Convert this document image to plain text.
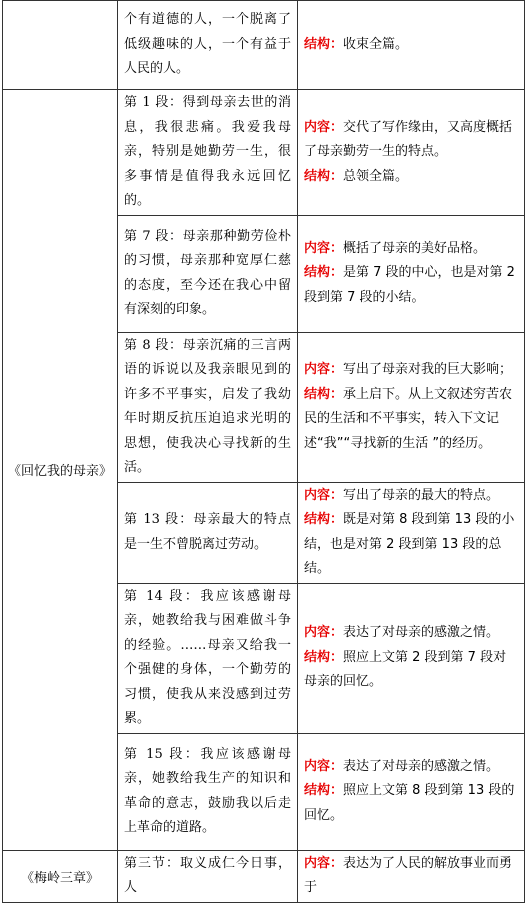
	个有道德的人，一个脱离了低级趣味的人，一个有益于人民的人。	结构：收束全篇。

《回忆我的母亲》	第 1 段：得到母亲去世的消息，我很悲痛。我爱我母亲，特别是她勤劳一生，很多事情是值得我永远回忆的。	内容：交代了写作缘由，又高度概括了母亲勤劳一生的特点。
结构：总领全篇。

	第 7 段：母亲那种勤劳俭朴的习惯，母亲那种宽厚仁慈的态度，至今还在我心中留有深刻的印象。	内容：概括了母亲的美好品格。
结构：是第 7 段的中心，也是对第 2 段到第 7 段的小结。

	第 8 段：母亲沉痛的三言两语的诉说以及我亲眼见到的许多不平事实，启发了我幼年时期反抗压迫追求光明的思想，使我决心寻找新的生活。	内容：写出了母亲对我的巨大影响；
结构：承上启下。从上文叙述穷苦农民的生活和不平事实，转入下文记述“我”“寻找新的生活 ”的经历。

	第 13 段：母亲最大的特点是一生不曾脱离过劳动。	内容：写出了母亲的最大的特点。
结构：既是对第 8 段到第 13 段的小结，也是对第 2 段到第 13 段的总结。

	第 14 段：我应该感谢母亲，她教给我与困难做斗争的经验。……母亲又给我一个强健的身体，一个勤劳的习惯，使我从来没感到过劳累。	内容：表达了对母亲的感激之情。
结构：照应上文第 2 段到第 7 段对母亲的回忆。

	第 15 段：我应该感谢母亲，她教给我生产的知识和革命的意志，鼓励我以后走上革命的道路。	内容：表达了对母亲的感激之情。
结构：照应上文第 8 段到第 13 段的回忆。

《梅岭三章》	第三节：取义成仁今日事，人	内容：表达为了人民的解放事业而勇于
